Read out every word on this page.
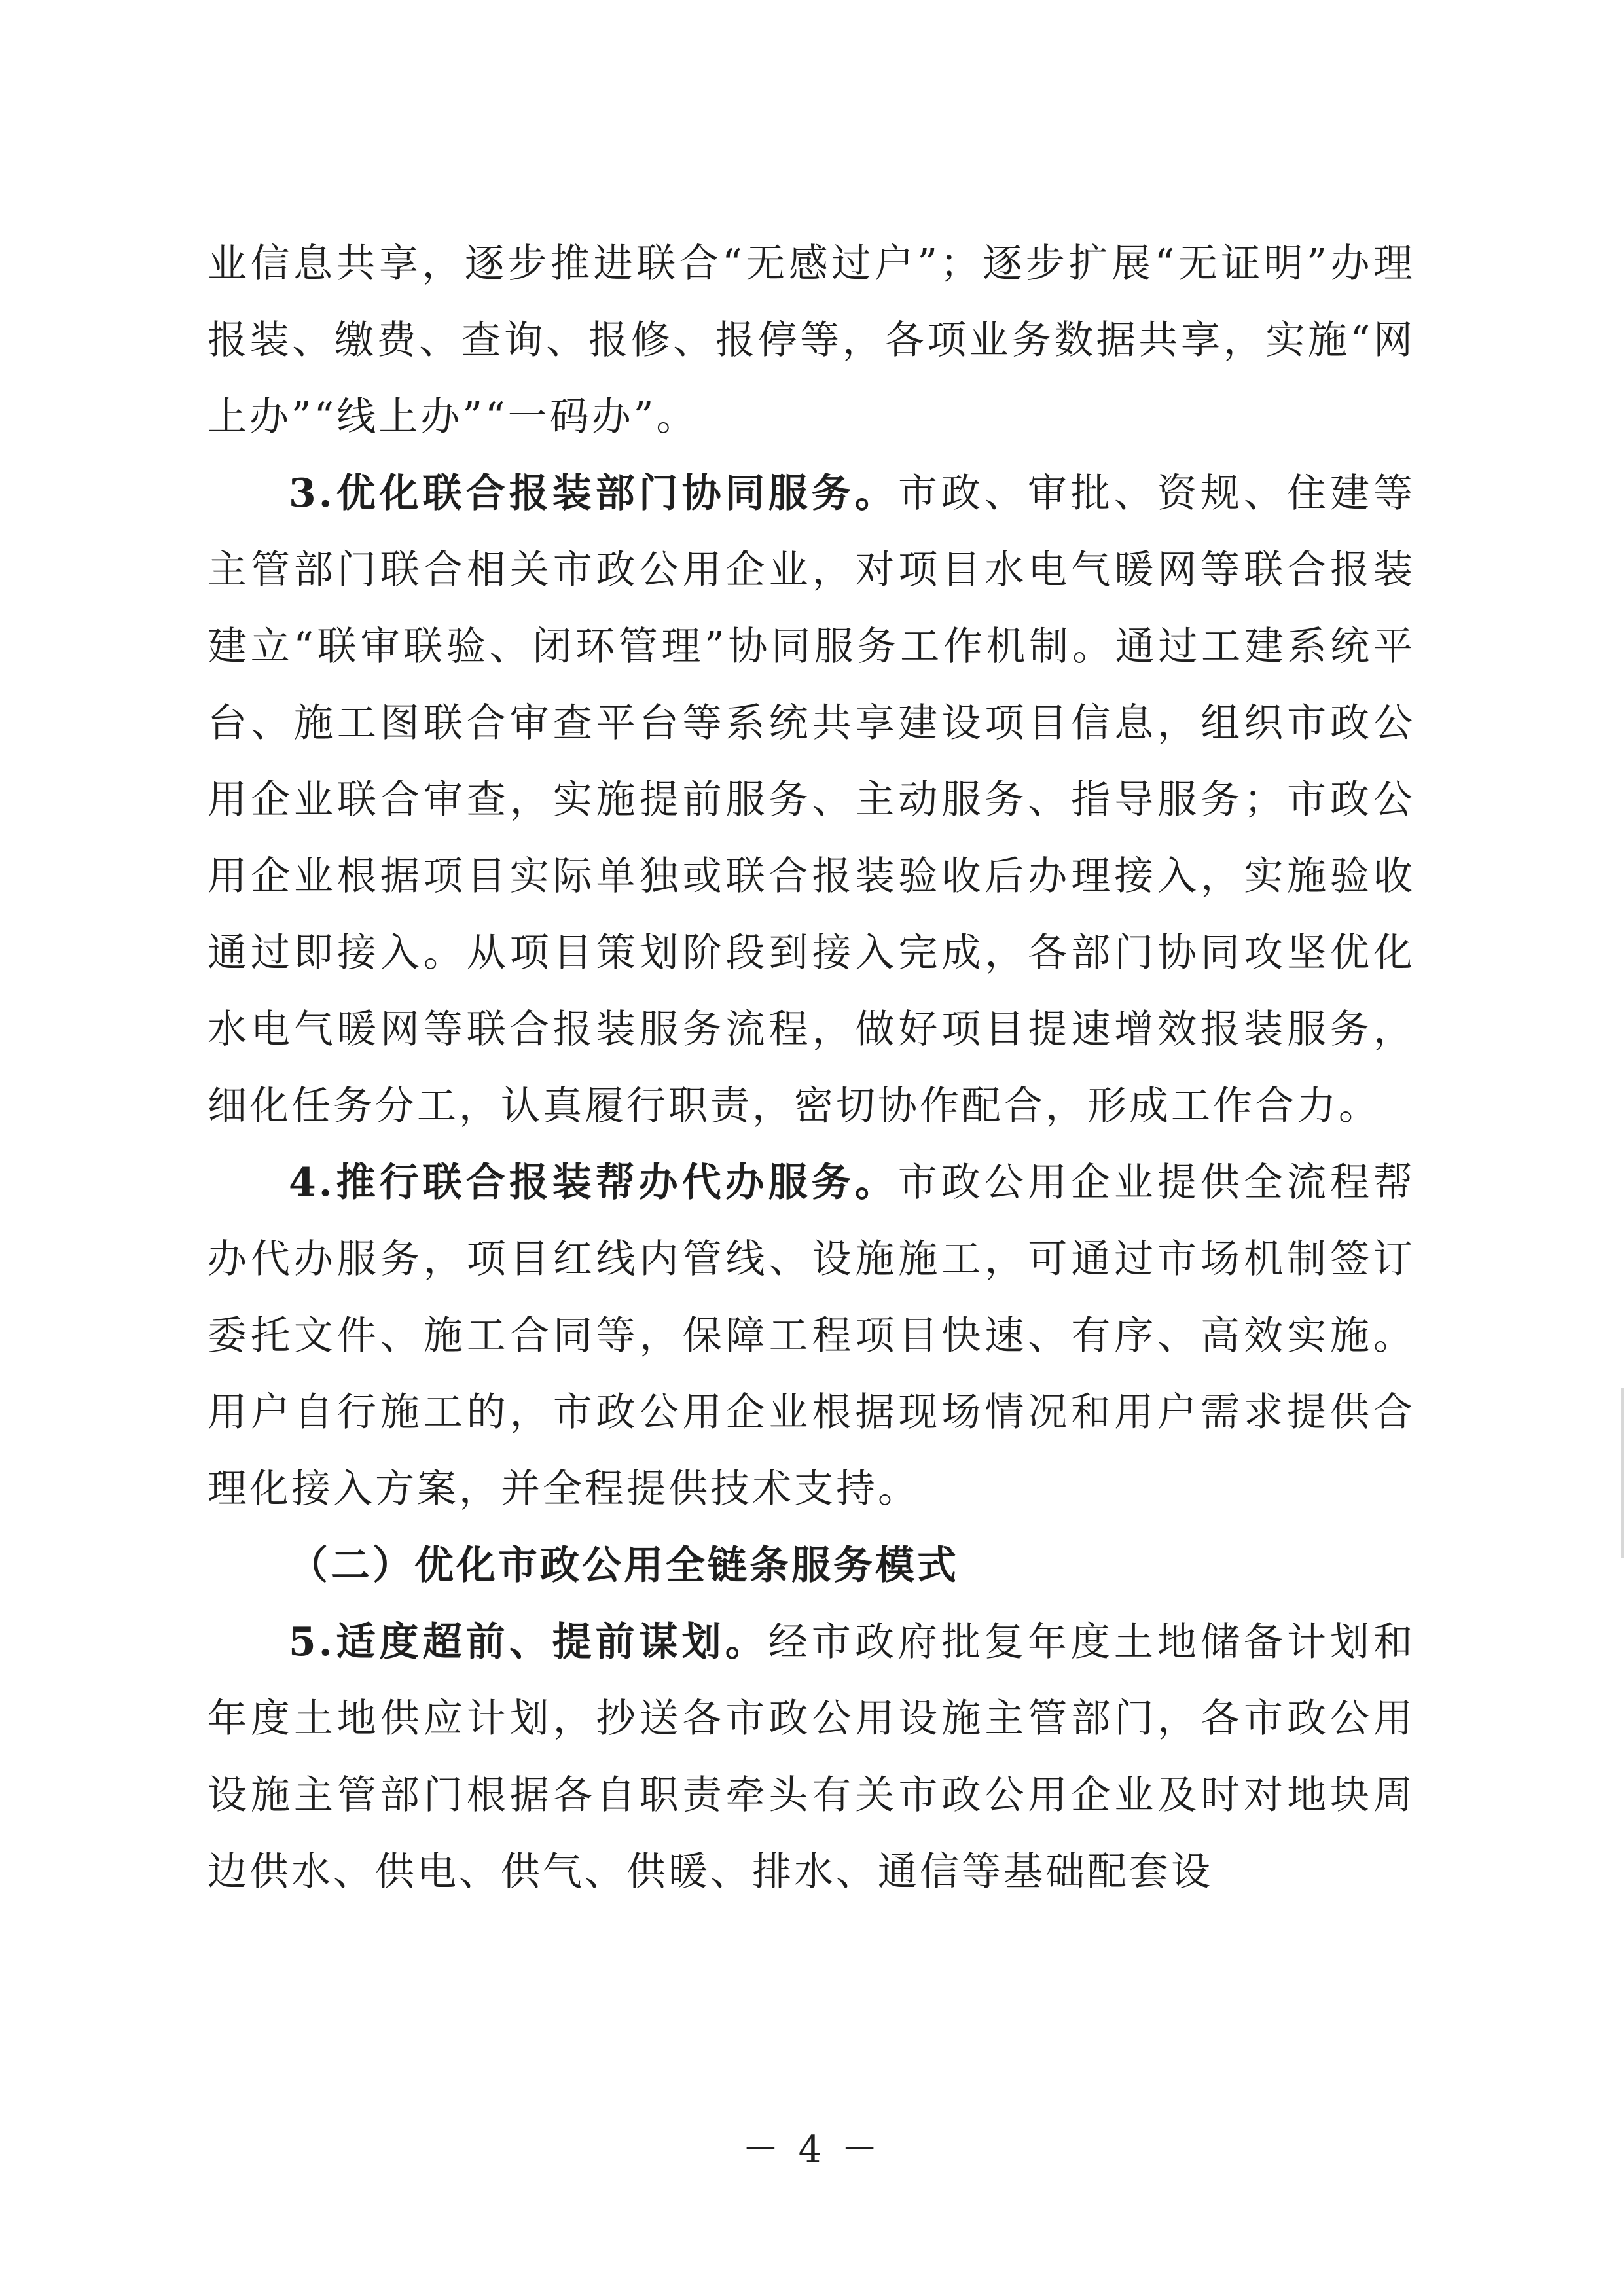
业信息共享，逐步推进联合“无感过户”；逐步扩展“无证明”办理报装、缴费、查询、报修、报停等，各项业务数据共享，实施“网上办”“线上办”“一码办”。

3.优化联合报装部门协同服务。市政、审批、资规、住建等主管部门联合相关市政公用企业，对项目水电气暖网等联合报装建立“联审联验、闭环管理”协同服务工作机制。通过工建系统平台、施工图联合审查平台等系统共享建设项目信息，组织市政公用企业联合审查，实施提前服务、主动服务、指导服务；市政公用企业根据项目实际单独或联合报装验收后办理接入，实施验收通过即接入。从项目策划阶段到接入完成，各部门协同攻坚优化水电气暖网等联合报装服务流程，做好项目提速增效报装服务，细化任务分工，认真履行职责，密切协作配合，形成工作合力。

4.推行联合报装帮办代办服务。市政公用企业提供全流程帮办代办服务，项目红线内管线、设施施工，可通过市场机制签订委托文件、施工合同等，保障工程项目快速、有序、高效实施。用户自行施工的，市政公用企业根据现场情况和用户需求提供合理化接入方案，并全程提供技术支持。

（二）优化市政公用全链条服务模式

5.适度超前、提前谋划。经市政府批复年度土地储备计划和年度土地供应计划，抄送各市政公用设施主管部门，各市政公用设施主管部门根据各自职责牵头有关市政公用企业及时对地块周边供水、供电、供气、供暖、排水、通信等基础配套设

－ 4 －
